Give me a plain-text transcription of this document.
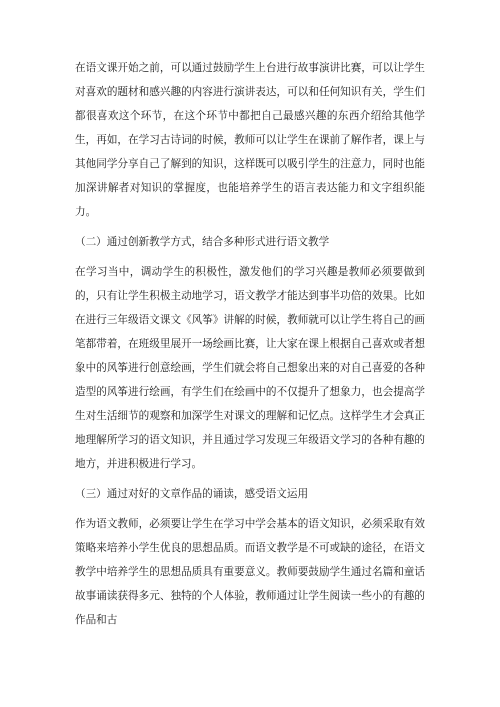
在语文课开始之前，可以通过鼓励学生上台进行故事演讲比赛，可以让学生对喜欢的题材和感兴趣的内容进行演讲表达，可以和任何知识有关，学生们都很喜欢这个环节，在这个环节中都把自己最感兴趣的东西介绍给其他学生，再如，在学习古诗词的时候，教师可以让学生在课前了解作者，课上与其他同学分享自己了解到的知识，这样既可以吸引学生的注意力，同时也能加深讲解者对知识的掌握度，也能培养学生的语言表达能力和文字组织能力。

（二）通过创新教学方式，结合多种形式进行语文教学

在学习当中，调动学生的积极性，激发他们的学习兴趣是教师必须要做到的，只有让学生积极主动地学习，语文教学才能达到事半功倍的效果。比如在进行三年级语文课文《风筝》讲解的时候，教师就可以让学生将自己的画笔都带着，在班级里展开一场绘画比赛，让大家在课上根据自己喜欢或者想象中的风筝进行创意绘画，学生们就会将自己想象出来的对自己喜爱的各种造型的风筝进行绘画，有学生们在绘画中的不仅提升了想象力，也会提高学生对生活细节的观察和加深学生对课文的理解和记忆点。这样学生才会真正地理解所学习的语文知识，并且通过学习发现三年级语文学习的各种有趣的地方，并进积极进行学习。

（三）通过对好的文章作品的诵读，感受语文运用

作为语文教师，必须要让学生在学习中学会基本的语文知识，必须采取有效策略来培养小学生优良的思想品质。而语文教学是不可或缺的途径，在语文教学中培养学生的思想品质具有重要意义。教师要鼓励学生通过名篇和童话故事诵读获得多元、独特的个人体验，教师通过让学生阅读一些小的有趣的作品和古
